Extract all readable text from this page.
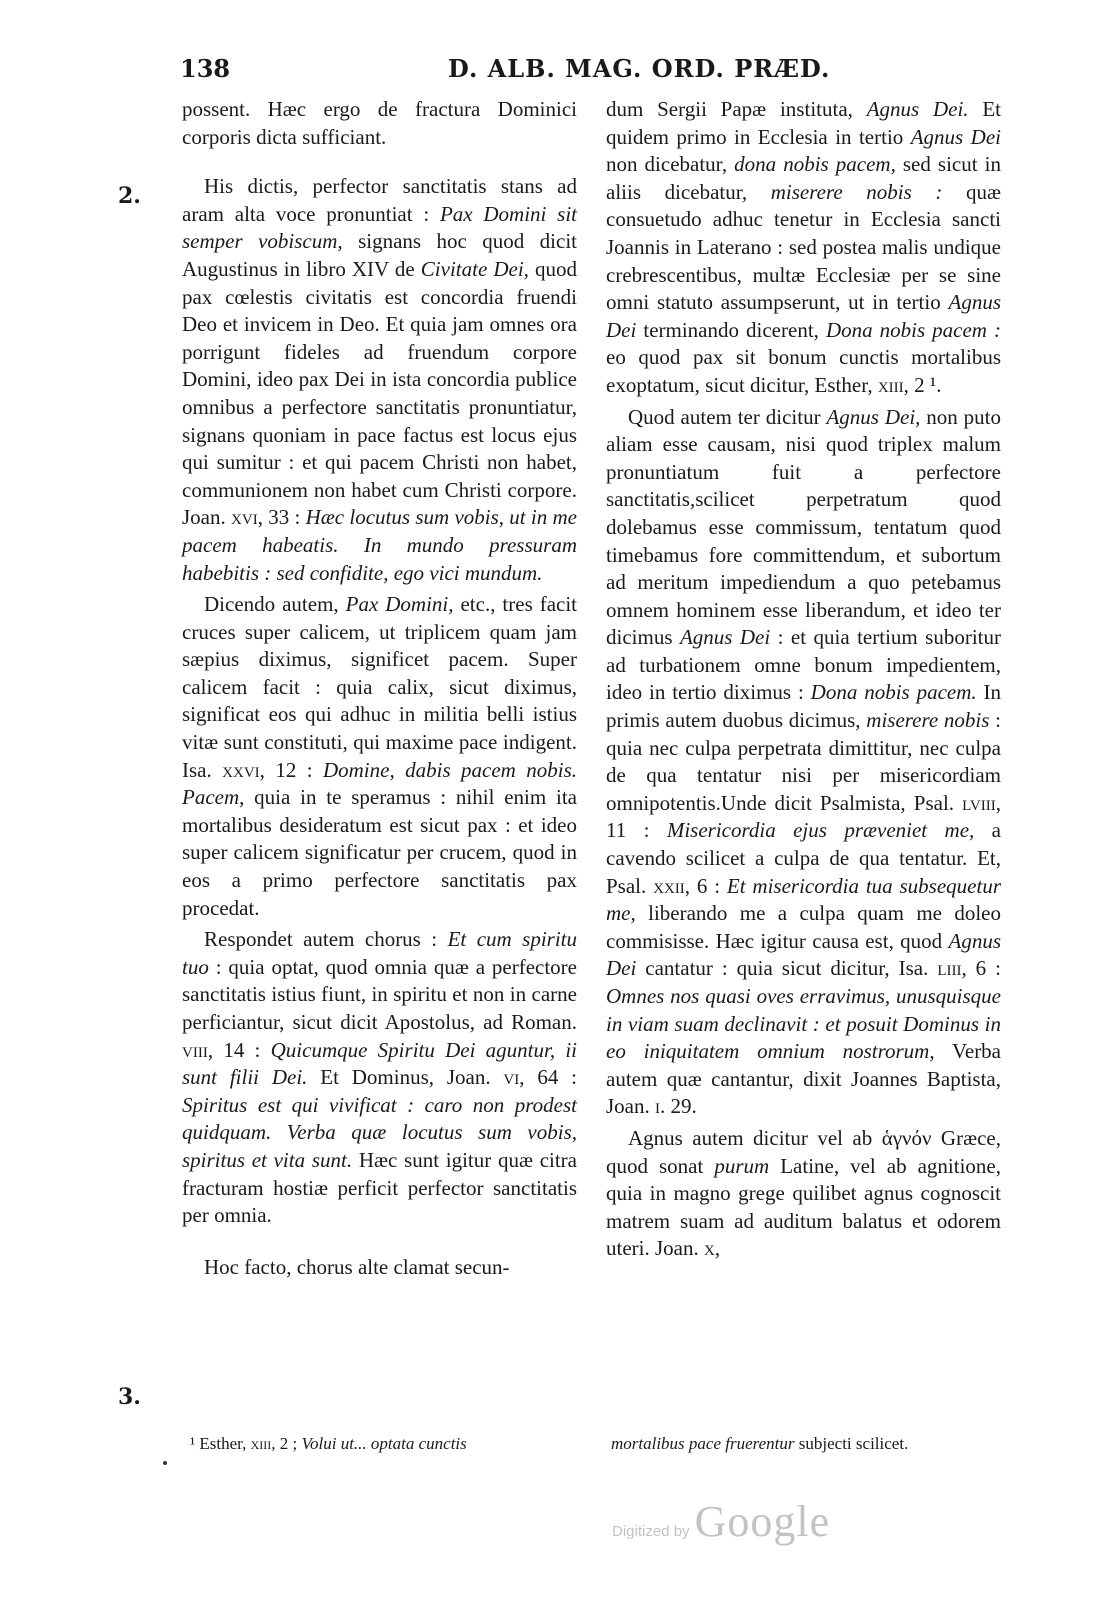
138	D. ALB. MAG. ORD. PRÆD.
2.
3.

possent. Hæc ergo de fractura Dominici corporis dicta sufficiant.

His dictis, perfector sanctitatis stans ad aram alta voce pronuntiat : Pax Domini sit semper vobiscum, signans hoc quod dicit Augustinus in libro XIV de Civitate Dei, quod pax cœlestis civitatis est concordia fruendi Deo et invicem in Deo. Et quia jam omnes ora porrigunt fideles ad fruendum corpore Domini, ideo pax Dei in ista concordia publice omnibus a perfectore sanctitatis pronuntiatur, signans quoniam in pace factus est locus ejus qui sumitur : et qui pacem Christi non habet, communionem non habet cum Christi corpore. Joan. xvi, 33 : Hæc locutus sum vobis, ut in me pacem habeatis. In mundo pressuram habebitis : sed confidite, ego vici mundum.

Dicendo autem, Pax Domini, etc., tres facit cruces super calicem, ut triplicem quam jam sæpius diximus, significet pacem. Super calicem facit : quia calix, sicut diximus, significat eos qui adhuc in militia belli istius vitæ sunt constituti, qui maxime pace indigent. Isa. xxvi, 12 : Domine, dabis pacem nobis. Pacem, quia in te speramus : nihil enim ita mortalibus desideratum est sicut pax : et ideo super calicem significatur per crucem, quod in eos a primo perfectore sanctitatis pax procedat.

Respondet autem chorus : Et cum spiritu tuo : quia optat, quod omnia quæ a perfectore sanctitatis istius fiunt, in spiritu et non in carne perficiantur, sicut dicit Apostolus, ad Roman. viii, 14 : Quicumque Spiritu Dei aguntur, ii sunt filii Dei. Et Dominus, Joan. vi, 64 : Spiritus est qui vivificat : caro non prodest quidquam. Verba quæ locutus sum vobis, spiritus et vita sunt. Hæc sunt igitur quæ citra fracturam hostiæ perficit perfector sanctitatis per omnia.

Hoc facto, chorus alte clamat secun-

dum Sergii Papæ instituta, Agnus Dei. Et quidem primo in Ecclesia in tertio Agnus Dei non dicebatur, dona nobis pacem, sed sicut in aliis dicebatur, miserere nobis : quæ consuetudo adhuc tenetur in Ecclesia sancti Joannis in Laterano : sed postea malis undique crebrescentibus, multæ Ecclesiæ per se sine omni statuto assumpserunt, ut in tertio Agnus Dei terminando dicerent, Dona nobis pacem : eo quod pax sit bonum cunctis mortalibus exoptatum, sicut dicitur, Esther, xiii, 2 ¹.

Quod autem ter dicitur Agnus Dei, non puto aliam esse causam, nisi quod triplex malum pronuntiatum fuit a perfectore sanctitatis,scilicet perpetratum quod dolebamus esse commissum, tentatum quod timebamus fore committendum, et subortum ad meritum impediendum a quo petebamus omnem hominem esse liberandum, et ideo ter dicimus Agnus Dei : et quia tertium suboritur ad turbationem omne bonum impedientem, ideo in tertio diximus : Dona nobis pacem. In primis autem duobus dicimus, miserere nobis : quia nec culpa perpetrata dimittitur, nec culpa de qua tentatur nisi per misericordiam omnipotentis.Unde dicit Psalmista, Psal. lviii, 11 : Misericordia ejus præveniet me, a cavendo scilicet a culpa de qua tentatur. Et, Psal. xxii, 6 : Et misericordia tua subsequetur me, liberando me a culpa quam me doleo commisisse. Hæc igitur causa est, quod Agnus Dei cantatur : quia sicut dicitur, Isa. liii, 6 : Omnes nos quasi oves erravimus, unusquisque in viam suam declinavit : et posuit Dominus in eo iniquitatem omnium nostrorum, Verba autem quæ cantantur, dixit Joannes Baptista, Joan. i. 29.

Agnus autem dicitur vel ab ἁγνόν Græce, quod sonat purum Latine, vel ab agnitione, quia in magno grege quilibet agnus cognoscit matrem suam ad auditum balatus et odorem uteri. Joan. x,

¹ Esther, xiii, 2 ; Volui ut... optata cunctis	mortalibus pace fruerentur subjecti scilicet.
Digitized by Google
